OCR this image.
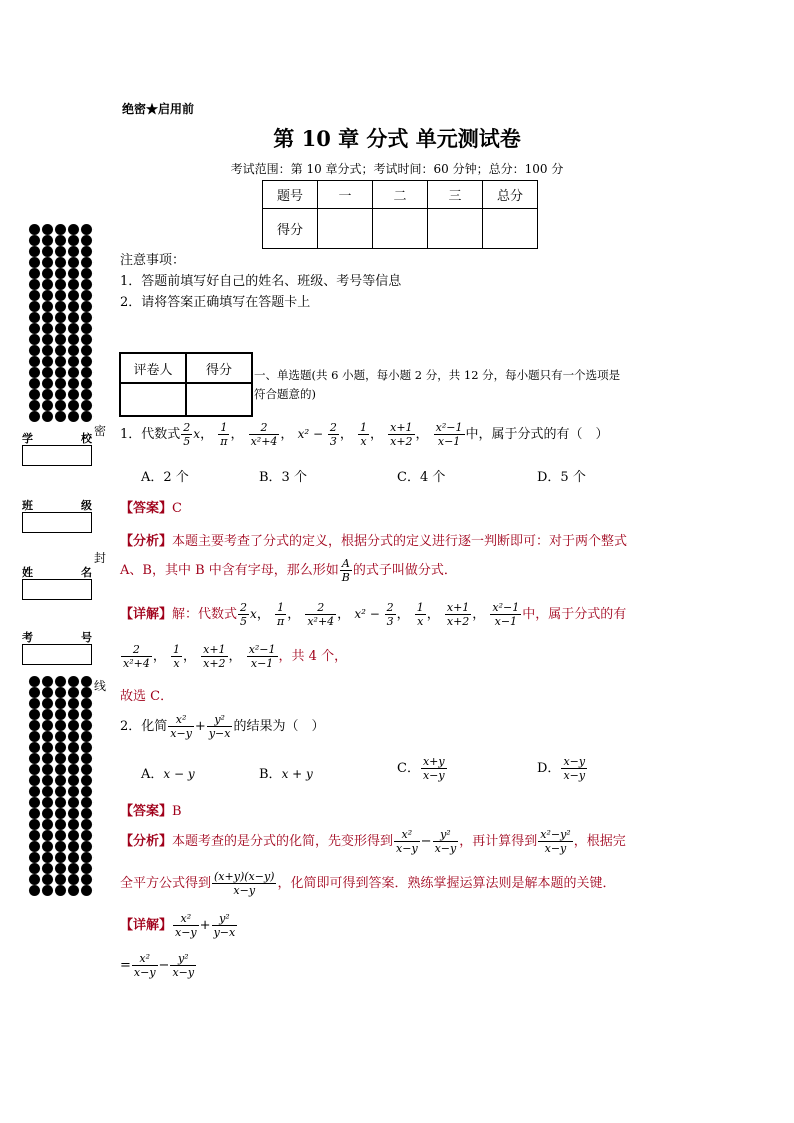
绝密★启用前
第 10 章 分式 单元测试卷
考试范围：第 10 章分式；考试时间：60 分钟；总分：100 分
题号	一	二	三	总分
得分				
注意事项：
1．答题前填写好自己的姓名、班级、考号等信息
2．请将答案正确填写在答题卡上
评卷人	得分
	一、单选题(共 6 小题，每小题 2 分，共 12 分，每小题只有一个选项是
符合题意的)
学	校
班	级
姓	名
考	号
密
封
线
1．代数式 $\frac{2}{5}$ x， $\frac{1}{\pi}$ ， $\frac{2}{\text{x²+4}}$ ， $x^2 - \frac{2}{3}$ ， $\frac{1}{x}$ ， $\frac{x+1}{x+2}$ ， $\frac{\text{x²−1}}{x-1}$ 中，属于分式的有（　）
A．2 个	B．3 个	C．4 个	D．5 个
【答案】C
【分析】本题主要考查了分式的定义，根据分式的定义进行逐一判断即可：对于两个整式
A、B，其中 B 中含有字母，那么形如 $\frac{A}{B}$ 的式子叫做分式．
【详解】解：代数式 $\frac{2}{5}$ x， $\frac{1}{\pi}$ ， $\frac{2}{\text{x²+4}}$ ， $x^2 - \frac{2}{3}$ ， $\frac{1}{x}$ ， $\frac{x+1}{x+2}$ ， $\frac{\text{x²−1}}{x-1}$ 中，属于分式的有
$\frac{2}{\text{x²+4}}$ ， $\frac{1}{x}$ ， $\frac{x+1}{x+2}$ ， $\frac{\text{x²−1}}{x-1}$ ，共 4 个，
故选 C．
2．化简 $\frac{\text{x²}}{x-y} + \frac{\text{y²}}{y-x}$ 的结果为（　）
A．x − y	B．x + y	C． $\frac{x+y}{x-y}$	D． $\frac{x-y}{x-y}$
【答案】B
【分析】本题考查的是分式的化简，先变形得到 $\frac{\text{x²}}{x-y} - \frac{\text{y²}}{x-y}$ ，再计算得到 $\frac{\text{x²−y²}}{x-y}$ ，根据完
全平方公式得到 $\frac{(x+y)(x-y)}{x-y}$ ，化简即可得到答案．熟练掌握运算法则是解本题的关键．
【详解】 $\frac{\text{x²}}{x-y} + \frac{\text{y²}}{y-x}$
= $\frac{\text{x²}}{x-y} - \frac{\text{y²}}{x-y}$
